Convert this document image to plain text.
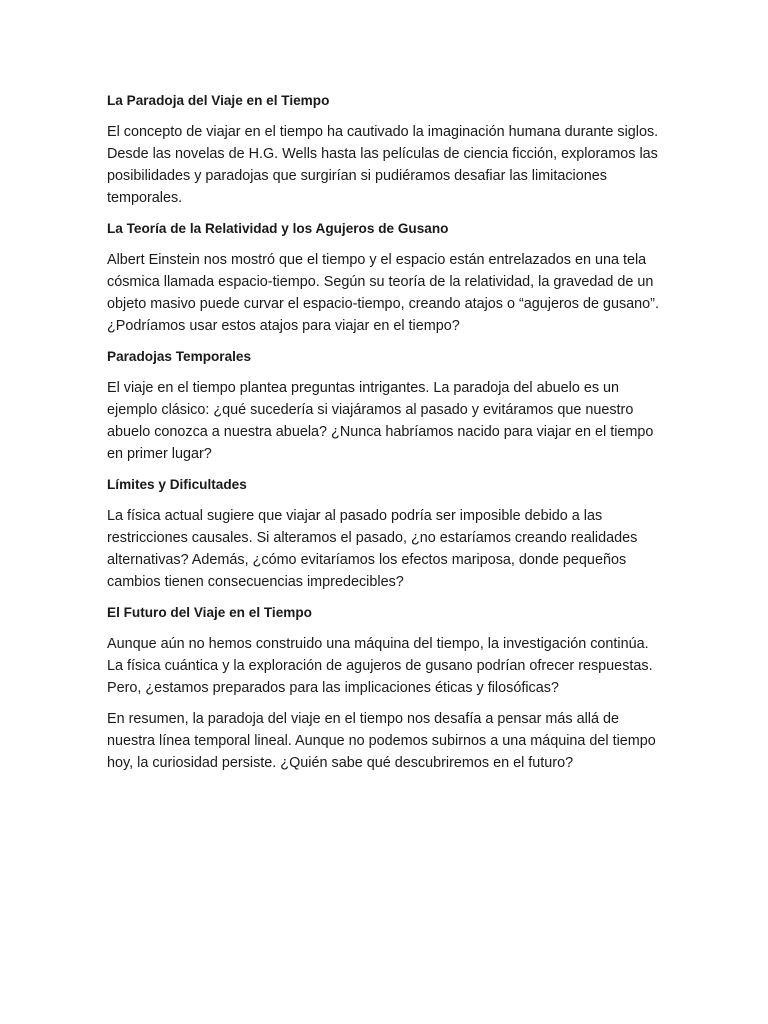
La Paradoja del Viaje en el Tiempo

El concepto de viajar en el tiempo ha cautivado la imaginación humana durante siglos. Desde las novelas de H.G. Wells hasta las películas de ciencia ficción, exploramos las posibilidades y paradojas que surgirían si pudiéramos desafiar las limitaciones temporales.

La Teoría de la Relatividad y los Agujeros de Gusano

Albert Einstein nos mostró que el tiempo y el espacio están entrelazados en una tela cósmica llamada espacio-tiempo. Según su teoría de la relatividad, la gravedad de un objeto masivo puede curvar el espacio-tiempo, creando atajos o “agujeros de gusano”. ¿Podríamos usar estos atajos para viajar en el tiempo?

Paradojas Temporales

El viaje en el tiempo plantea preguntas intrigantes. La paradoja del abuelo es un ejemplo clásico: ¿qué sucedería si viajáramos al pasado y evitáramos que nuestro abuelo conozca a nuestra abuela? ¿Nunca habríamos nacido para viajar en el tiempo en primer lugar?

Límites y Dificultades

La física actual sugiere que viajar al pasado podría ser imposible debido a las restricciones causales. Si alteramos el pasado, ¿no estaríamos creando realidades alternativas? Además, ¿cómo evitaríamos los efectos mariposa, donde pequeños cambios tienen consecuencias impredecibles?

El Futuro del Viaje en el Tiempo

Aunque aún no hemos construido una máquina del tiempo, la investigación continúa. La física cuántica y la exploración de agujeros de gusano podrían ofrecer respuestas. Pero, ¿estamos preparados para las implicaciones éticas y filosóficas?

En resumen, la paradoja del viaje en el tiempo nos desafía a pensar más allá de nuestra línea temporal lineal. Aunque no podemos subirnos a una máquina del tiempo hoy, la curiosidad persiste. ¿Quién sabe qué descubriremos en el futuro?
